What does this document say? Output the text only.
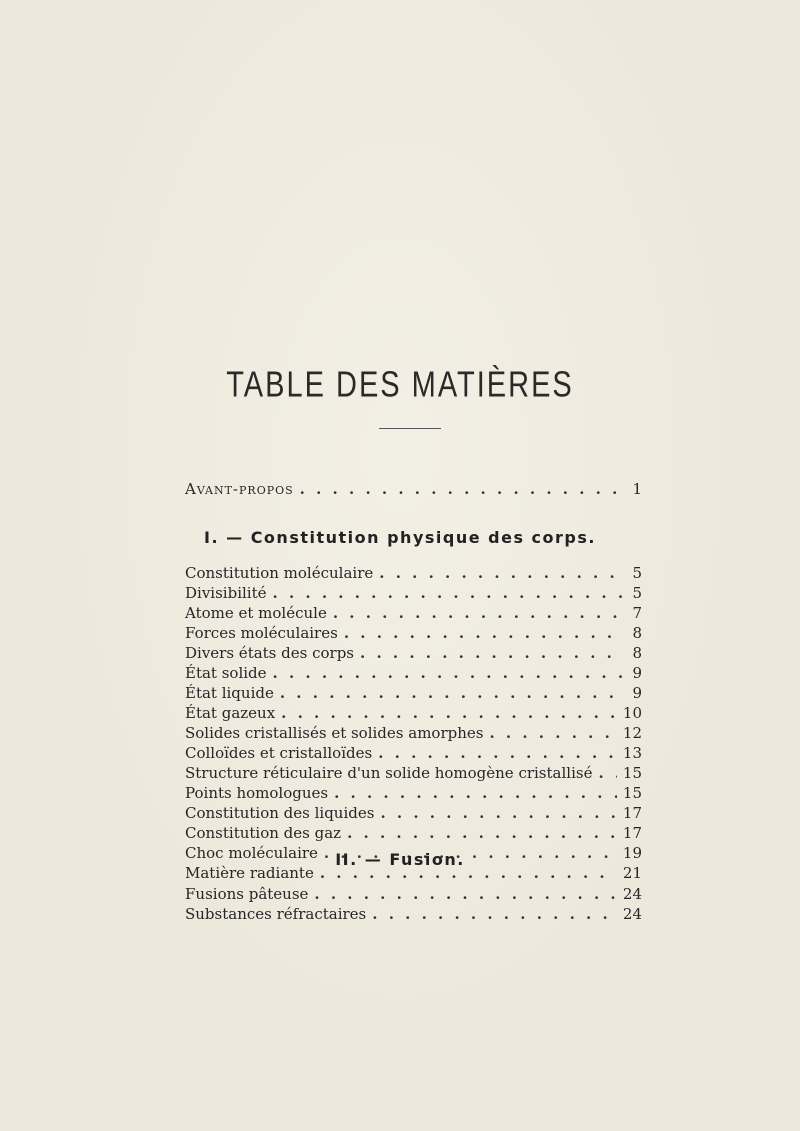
TABLE DES MATIÈRES
Avant-propos . . .	1
I. — Constitution physique des corps.
Constitution moléculaire . . .	5
Divisibilité . . .	5
Atome et molécule . . .	7
Forces moléculaires . . .	8
Divers états des corps . . .	8
État solide . . .	9
État liquide . . .	9
État gazeux . . .	10
Solides cristallisés et solides amorphes . . .	12
Colloïdes et cristalloïdes . . .	13
Structure réticulaire d'un solide homogène cristallisé . . . 15
Points homologues . . .	15
Constitution des liquides . . .	17
Constitution des gaz . . .	17
Choc moléculaire . . .	19
Matière radiante . . .	21
II. — Fusion.
Fusions pâteuse . . .	24
Substances réfractaires . . .	24
